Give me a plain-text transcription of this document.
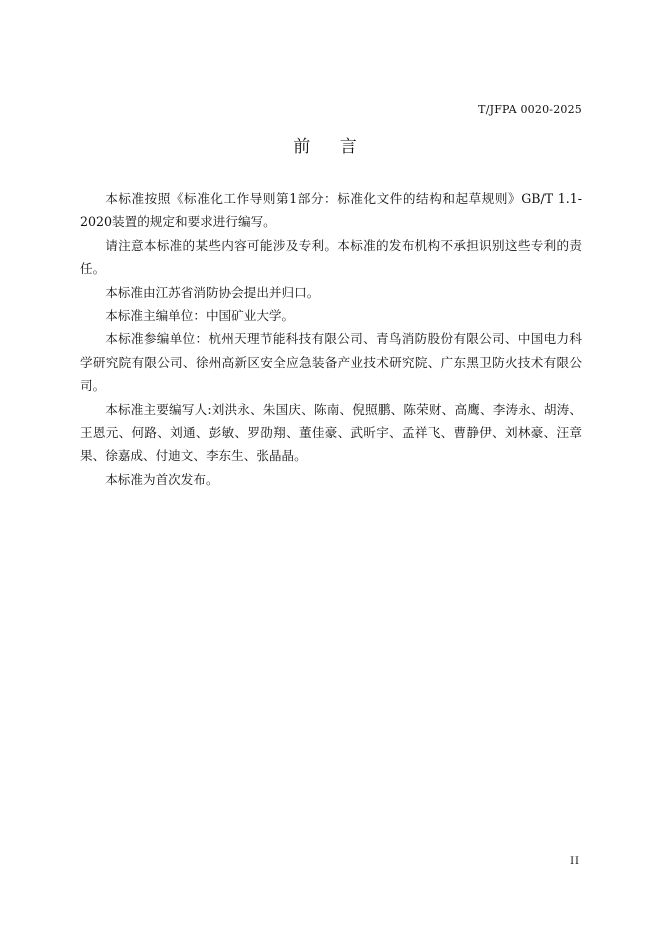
T/JFPA 0020-2025
前 言

本标准按照《标准化工作导则第1部分：标准化文件的结构和起草规则》GB/T 1.1-2020装置的规定和要求进行编写。

请注意本标准的某些内容可能涉及专利。本标准的发布机构不承担识别这些专利的责任。

本标准由江苏省消防协会提出并归口。

本标准主编单位：中国矿业大学。

本标准参编单位：杭州天理节能科技有限公司、青鸟消防股份有限公司、中国电力科学研究院有限公司、徐州高新区安全应急装备产业技术研究院、广东黑卫防火技术有限公司。

本标准主要编写人:刘洪永、朱国庆、陈南、倪照鹏、陈荣财、高鹰、李涛永、胡涛、王恩元、何路、刘通、彭敏、罗劭翔、董佳豪、武昕宇、孟祥飞、曹静伊、刘林豪、汪章果、徐嘉成、付迪文、李东生、张晶晶。

本标准为首次发布。

II
